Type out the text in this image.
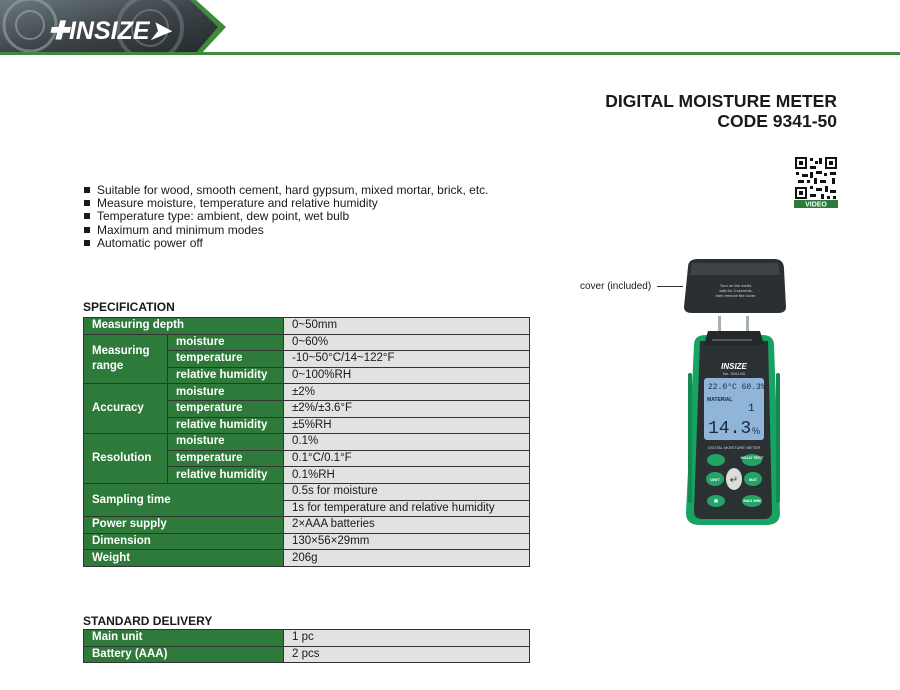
✚INSIZE➤
DIGITAL MOISTURE METER
CODE 9341-50
VIDEO
Suitable for wood, smooth cement, hard gypsum, mixed mortar, brick, etc.
Measure moisture, temperature and relative humidity
Temperature type: ambient, dew point, wet bulb
Maximum and minimum modes
Automatic power off
SPECIFICATION
Measuring depth		0~50mm
Measuring range	moisture	0~60%
	temperature	-10~50°C/14~122°F
	relative humidity	0~100%RH
Accuracy	moisture	±2%
	temperature	±2%/±3.6°F
	relative humidity	±5%RH
Resolution	moisture	0.1%
	temperature	0.1°C/0.1°F
	relative humidity	0.1%RH
Sampling time		0.5s for moisture
		1s for temperature and relative humidity
Power supply		2×AAA batteries
Dimension		130×56×29mm
Weight		206g
STANDARD DELIVERY
Main unit	1 pc
Battery (AAA)	2 pcs
cover (included)	Turn on the meter, wait for 3 seconds, then remove the cover.
INSIZE
No. 9341-50
22.0°C 60.3%
MATERIAL
1
14.3 %
DIGITAL MOISTURE METER
HOLD TEST
UNIT ↵	MAT
✱	MAX MIN
